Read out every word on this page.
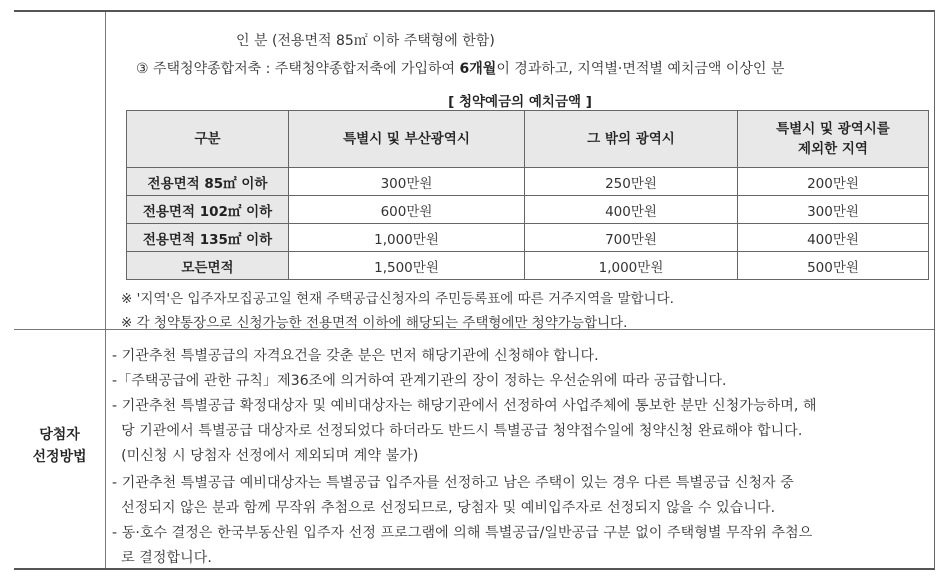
당첨자
선정방법
인 분 (전용면적 85㎡ 이하 주택형에 한함)
③ 주택청약종합저축 : 주택청약종합저축에 가입하여 6개월이 경과하고, 지역별·면적별 예치금액 이상인 분
[ 청약예금의 예치금액 ]
구분	특별시 및 부산광역시	그 밖의 광역시	특별시 및 광역시를
제외한 지역
전용면적 85㎡ 이하	300만원	250만원	200만원
전용면적 102㎡ 이하	600만원	400만원	300만원
전용면적 135㎡ 이하	1,000만원	700만원	400만원
모든면적	1,500만원	1,000만원	500만원
※ '지역'은 입주자모집공고일 현재 주택공급신청자의 주민등록표에 따른 거주지역을 말합니다.
※ 각 청약통장으로 신청가능한 전용면적 이하에 해당되는 주택형에만 청약가능합니다.
- 기관추천 특별공급의 자격요건을 갖춘 분은 먼저 해당기관에 신청해야 합니다.
-「주택공급에 관한 규칙」제36조에 의거하여 관계기관의 장이 정하는 우선순위에 따라 공급합니다.
- 기관추천 특별공급 확정대상자 및 예비대상자는 해당기관에서 선정하여 사업주체에 통보한 분만 신청가능하며, 해
당 기관에서 특별공급 대상자로 선정되었다 하더라도 반드시 특별공급 청약접수일에 청약신청 완료해야 합니다.
(미신청 시 당첨자 선정에서 제외되며 계약 불가)
- 기관추천 특별공급 예비대상자는 특별공급 입주자를 선정하고 남은 주택이 있는 경우 다른 특별공급 신청자 중
선정되지 않은 분과 함께 무작위 추첨으로 선정되므로, 당첨자 및 예비입주자로 선정되지 않을 수 있습니다.
- 동·호수 결정은 한국부동산원 입주자 선정 프로그램에 의해 특별공급/일반공급 구분 없이 주택형별 무작위 추첨으
로 결정합니다.
